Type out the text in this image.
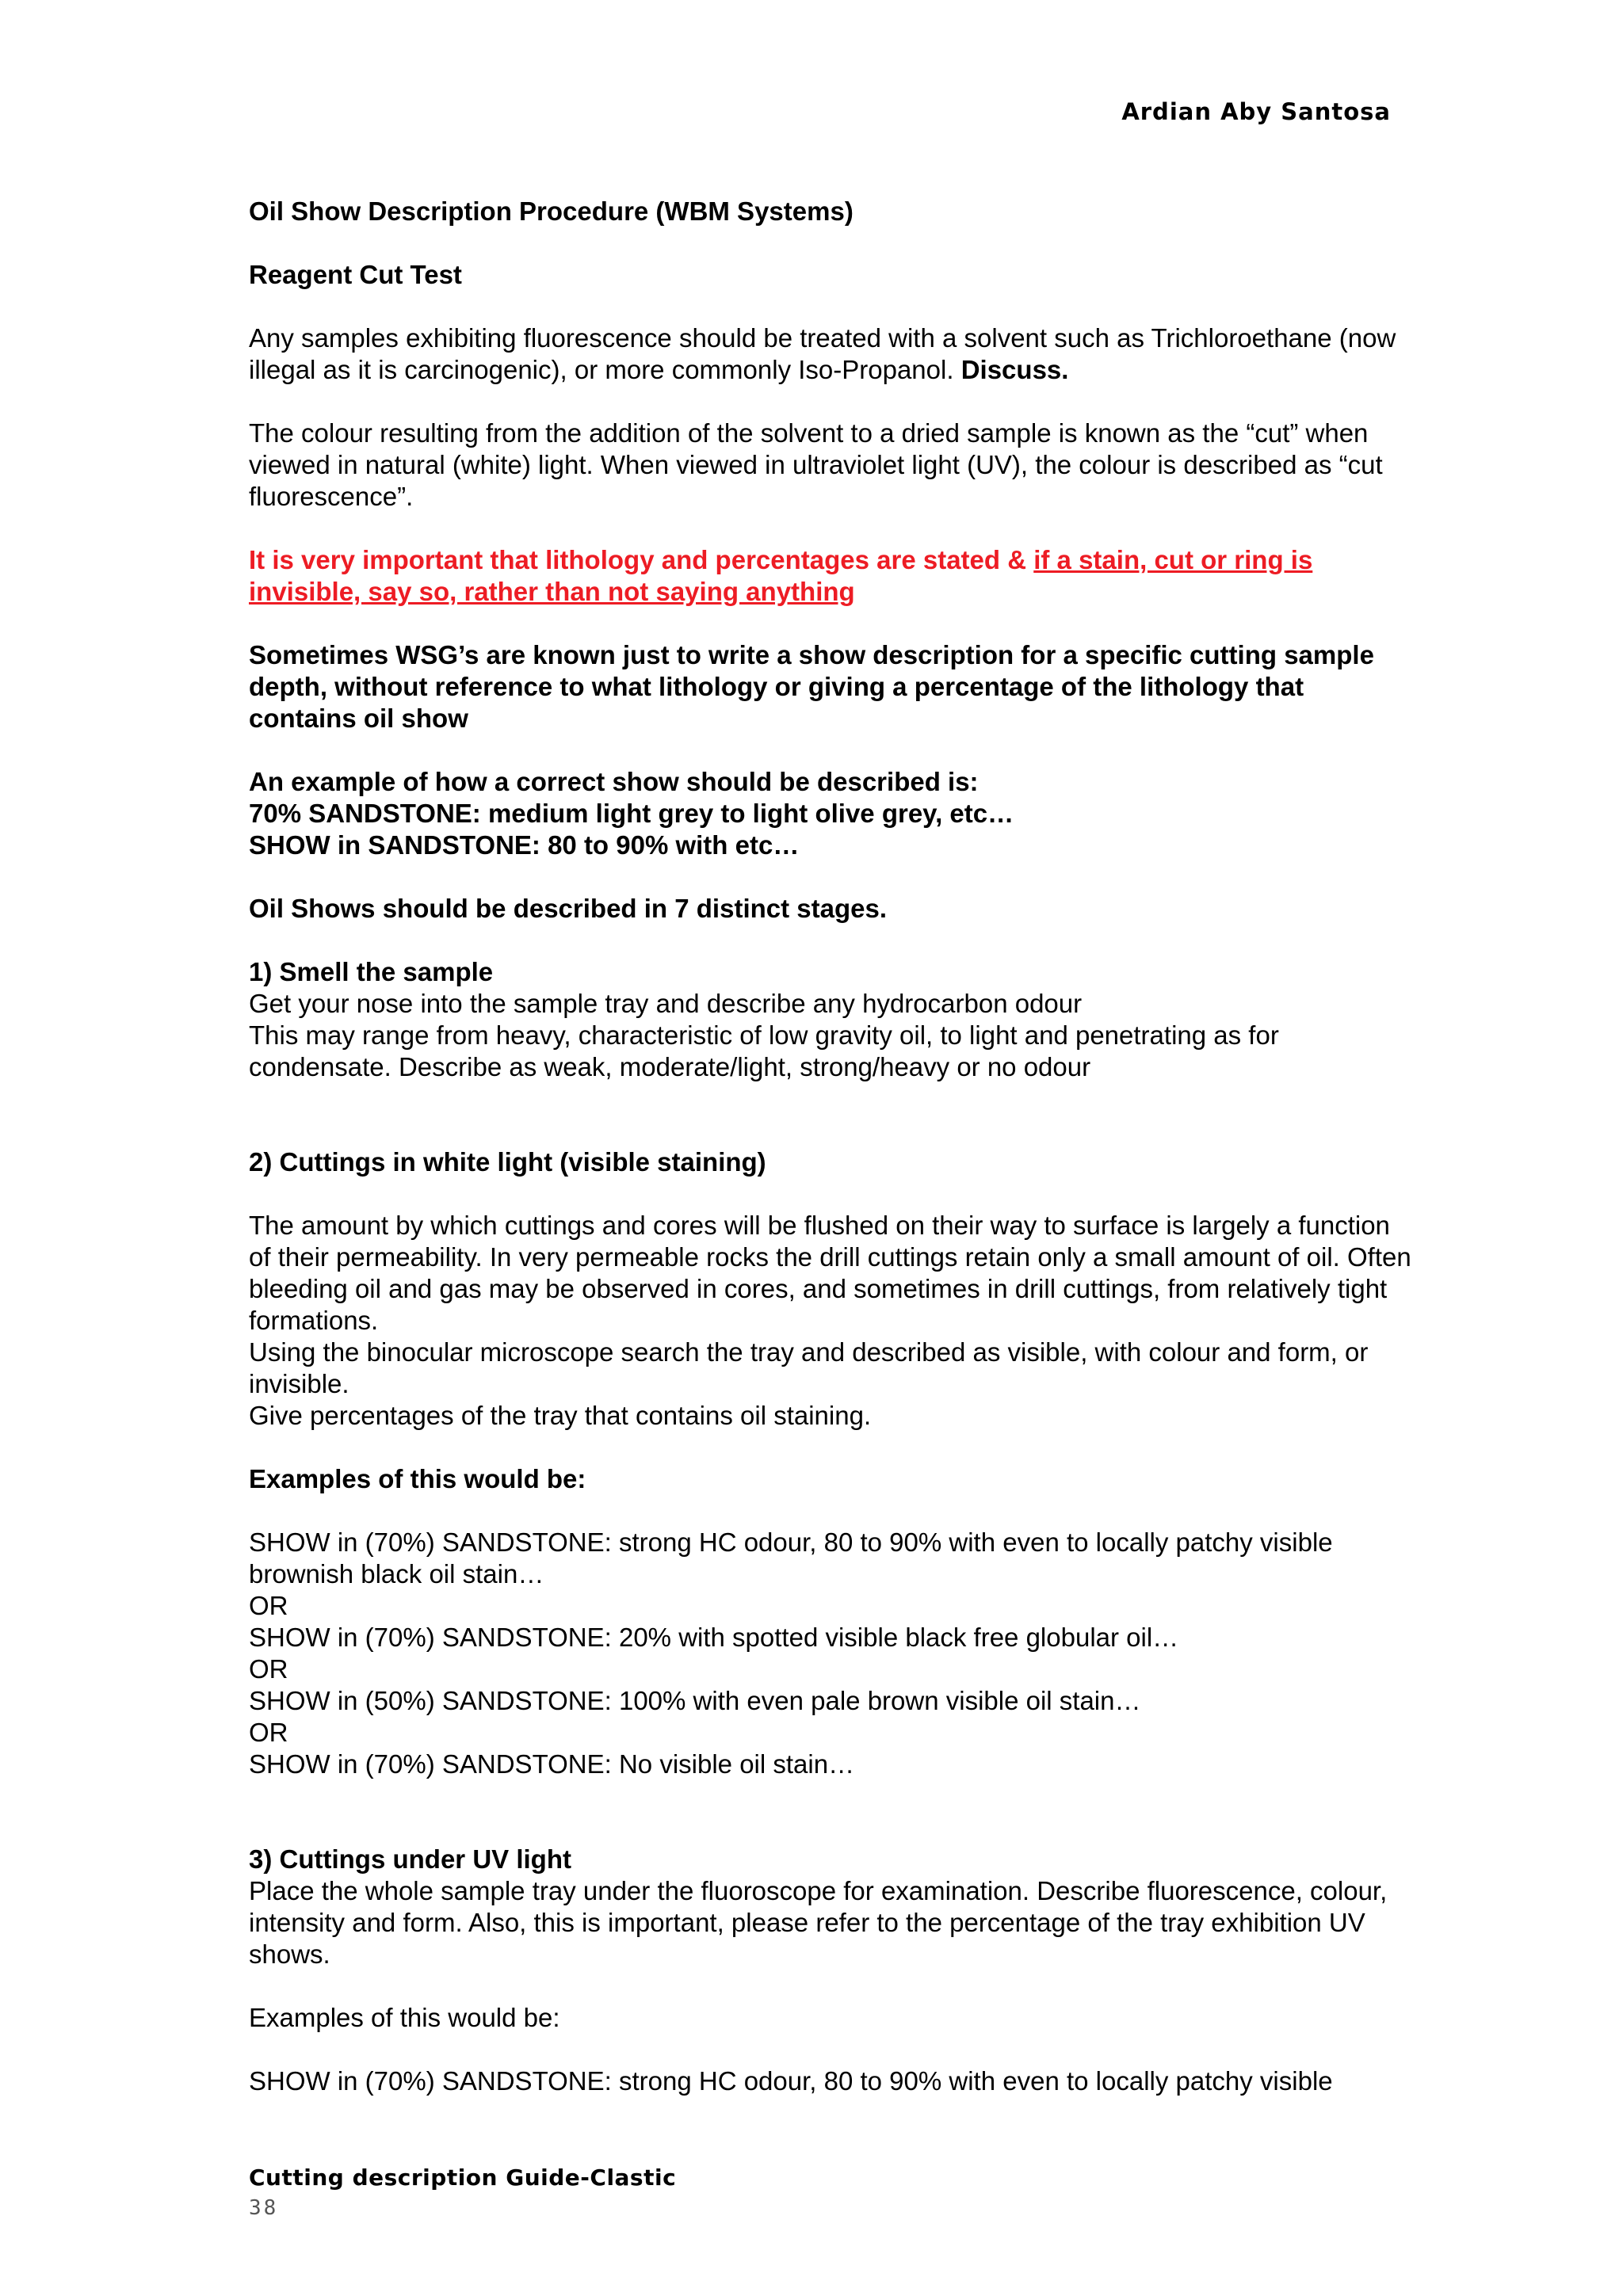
Ardian Aby Santosa

Oil Show Description Procedure (WBM Systems)

Reagent Cut Test

Any samples exhibiting fluorescence should be treated with a solvent such as Trichloroethane (now illegal as it is carcinogenic), or more commonly Iso-Propanol. Discuss.

The colour resulting from the addition of the solvent to a dried sample is known as the “cut” when viewed in natural (white) light. When viewed in ultraviolet light (UV), the colour is described as “cut fluorescence”.

It is very important that lithology and percentages are stated & if a stain, cut or ring is invisible, say so, rather than not saying anything

Sometimes WSG’s are known just to write a show description for a specific cutting sample depth, without reference to what lithology or giving a percentage of the lithology that contains oil show

An example of how a correct show should be described is:

70% SANDSTONE: medium light grey to light olive grey, etc…

SHOW in SANDSTONE: 80 to 90% with etc…

Oil Shows should be described in 7 distinct stages.

1) Smell the sample

Get your nose into the sample tray and describe any hydrocarbon odour

This may range from heavy, characteristic of low gravity oil, to light and penetrating as for condensate. Describe as weak, moderate/light, strong/heavy or no odour

2) Cuttings in white light (visible staining)

The amount by which cuttings and cores will be flushed on their way to surface is largely a function of their permeability. In very permeable rocks the drill cuttings retain only a small amount of oil. Often bleeding oil and gas may be observed in cores, and sometimes in drill cuttings, from relatively tight formations.

Using the binocular microscope search the tray and described as visible, with colour and form, or invisible.

Give percentages of the tray that contains oil staining.

Examples of this would be:

SHOW in (70%) SANDSTONE: strong HC odour, 80 to 90% with even to locally patchy visible brownish black oil stain…

OR

SHOW in (70%) SANDSTONE: 20% with spotted visible black free globular oil…

OR

SHOW in (50%) SANDSTONE: 100% with even pale brown visible oil stain…

OR

SHOW in (70%) SANDSTONE: No visible oil stain…

3) Cuttings under UV light

Place the whole sample tray under the fluoroscope for examination. Describe fluorescence, colour, intensity and form. Also, this is important, please refer to the percentage of the tray exhibition UV shows.

Examples of this would be:

SHOW in (70%) SANDSTONE: strong HC odour, 80 to 90% with even to locally patchy visible

Cutting description Guide-Clastic
38
